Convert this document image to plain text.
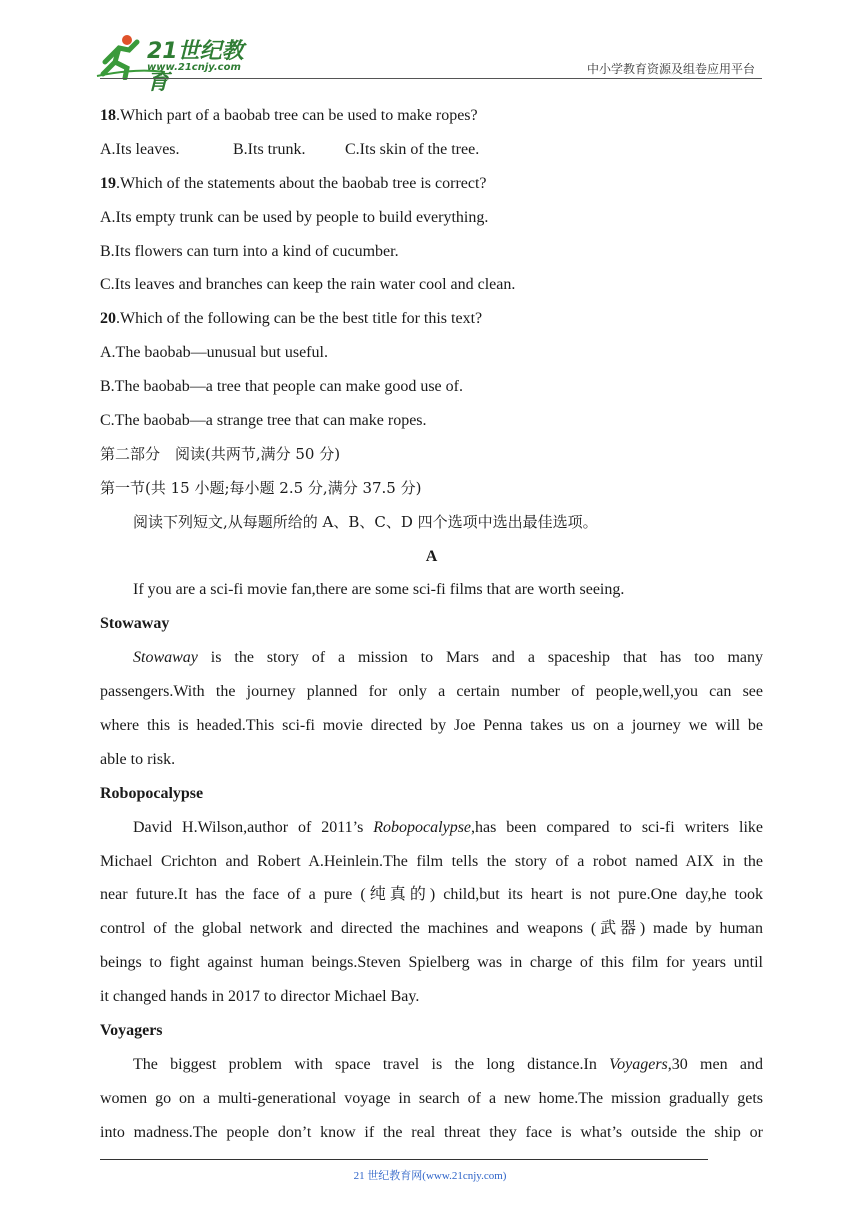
21世纪教育
www.21cnjy.com	中小学教育资源及组卷应用平台
18.Which part of a baobab tree can be used to make ropes?
A.Its leaves.	B.Its trunk. C.Its skin of the tree.
19.Which of the statements about the baobab tree is correct?
A.Its empty trunk can be used by people to build everything.
B.Its flowers can turn into a kind of cucumber.
C.Its leaves and branches can keep the rain water cool and clean.
20.Which of the following can be the best title for this text?
A.The baobab—unusual but useful.
B.The baobab—a tree that people can make good use of.
C.The baobab—a strange tree that can make ropes.
第二部分　阅读(共两节,满分 50 分)
第一节(共 15 小题;每小题 2.5 分,满分 37.5 分)
阅读下列短文,从每题所给的 A、B、C、D 四个选项中选出最佳选项。
A
If you are a sci-fi movie fan,there are some sci-fi films that are worth seeing.
Stowaway
Stowaway is the story of a mission to Mars and a spaceship that has too many
passengers.With the journey planned for only a certain number of people,well,you can see
where this is headed.This sci-fi movie directed by Joe Penna takes us on a journey we will be
able to risk.
Robopocalypse
David H.Wilson,author of 2011’s Robopocalypse,has been compared to sci-fi writers like
Michael Crichton and Robert A.Heinlein.The film tells the story of a robot named AIX in the
near future.It has the face of a pure (纯真的) child,but its heart is not pure.One day,he took
control of the global network and directed the machines and weapons (武器) made by human
beings to fight against human beings.Steven Spielberg was in charge of this film for years until
it changed hands in 2017 to director Michael Bay.
Voyagers
The biggest problem with space travel is the long distance.In Voyagers,30 men and
women go on a multi-generational voyage in search of a new home.The mission gradually gets
into madness.The people don’t know if the real threat they face is what’s outside the ship or
21 世纪教育网(www.21cnjy.com)
